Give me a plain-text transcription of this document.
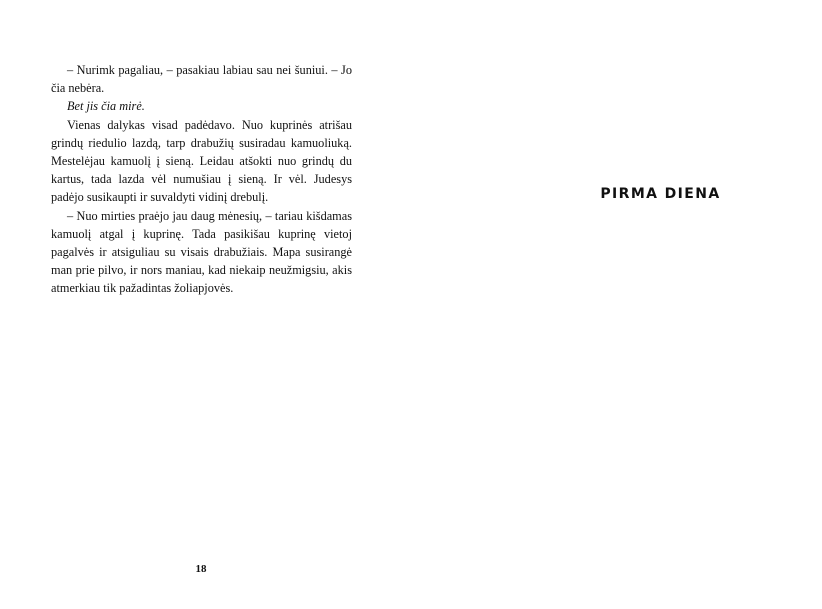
– Nurimk pagaliau, – pasakiau labiau sau nei šuniui. – Jo čia nebėra.

Bet jis čia mirė.

Vienas dalykas visad padėdavo. Nuo kuprinės atrišau grindų riedulio lazdą, tarp drabužių susiradau kamuoliuką. Mestelėjau kamuolį į sieną. Leidau atšokti nuo grindų du kartus, tada lazda vėl numušiau į sieną. Ir vėl. Judesys padėjo susikaupti ir suvaldyti vidinį drebulį.

– Nuo mirties praėjo jau daug mėnesių, – tariau kišdamas kamuolį atgal į kuprinę. Tada pasikišau kuprinę vietoj pagalvės ir atsiguliau su visais drabužiais. Mapa susirangė man prie pilvo, ir nors maniau, kad niekaip neužmigsiu, akis atmerkiau tik pažadintas žoliapjovės.

18
PIRMA DIENA
